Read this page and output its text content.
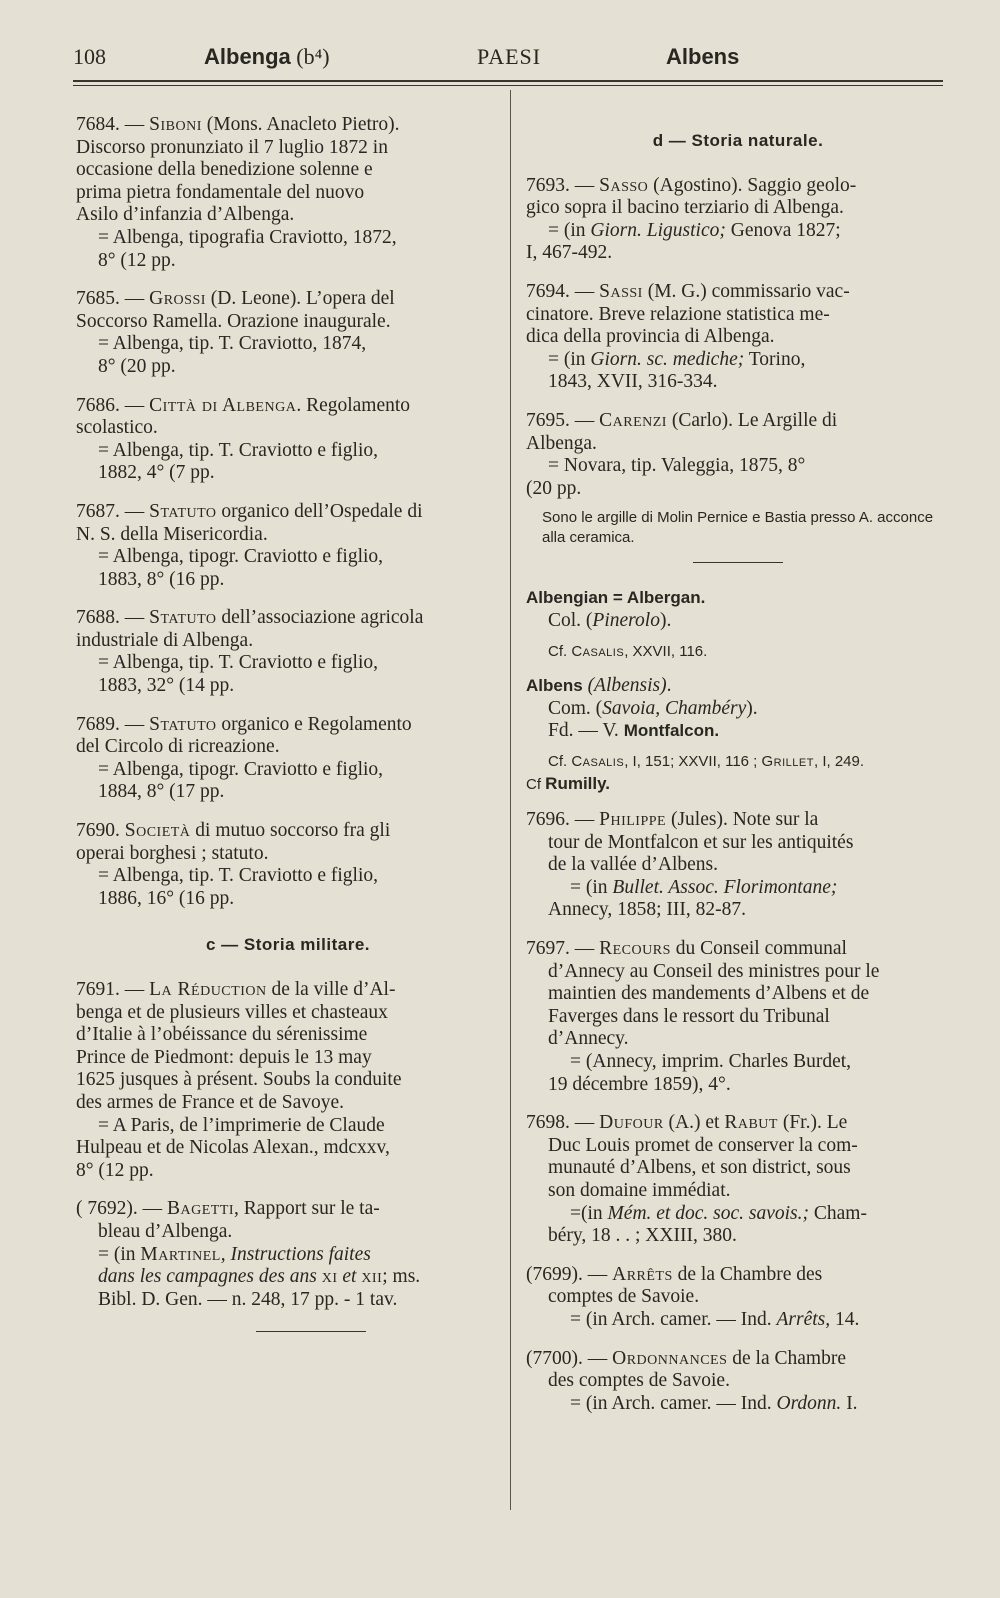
108	Albenga (b⁴)	PAESI	Albens
7684. — Siboni (Mons. Anacleto Pietro).
Discorso pronunziato il 7 luglio 1872 in
occasione della benedizione solenne e
prima pietra fondamentale del nuovo
Asilo d’infanzia d’Albenga.
= Albenga, tipografia Craviotto, 1872,
8° (12 pp.
7685. — Grossi (D. Leone). L’opera del
Soccorso Ramella. Orazione inaugurale.
= Albenga, tip. T. Craviotto, 1874,
8° (20 pp.
7686. — Città di Albenga. Regolamento
scolastico.
= Albenga, tip. T. Craviotto e figlio,
1882, 4° (7 pp.
7687. — Statuto organico dell’Ospedale di
N. S. della Misericordia.
= Albenga, tipogr. Craviotto e figlio,
1883, 8° (16 pp.
7688. — Statuto dell’associazione agricola
industriale di Albenga.
= Albenga, tip. T. Craviotto e figlio,
1883, 32° (14 pp.
7689. — Statuto organico e Regolamento
del Circolo di ricreazione.
= Albenga, tipogr. Craviotto e figlio,
1884, 8° (17 pp.
7690. Società di mutuo soccorso fra gli
operai borghesi ; statuto.
= Albenga, tip. T. Craviotto e figlio,
1886, 16° (16 pp.
c — Storia militare.
7691. — La Réduction de la ville d’Al-
benga et de plusieurs villes et chasteaux
d’Italie à l’obéissance du sérenissime
Prince de Piedmont: depuis le 13 may
1625 jusques à présent. Soubs la conduite
des armes de France et de Savoye.
= A Paris, de l’imprimerie de Claude
Hulpeau et de Nicolas Alexan., mdcxxv,
8° (12 pp.
( 7692). — Bagetti, Rapport sur le ta-
bleau d’Albenga.
= (in Martinel, Instructions faites
dans les campagnes des ans xi et xii; ms.
Bibl. D. Gen. — n. 248, 17 pp. - 1 tav.
d — Storia naturale.
7693. — Sasso (Agostino). Saggio geolo-
gico sopra il bacino terziario di Albenga.
= (in Giorn. Ligustico; Genova 1827;
I, 467-492.
7694. — Sassi (M. G.) commissario vac-
cinatore. Breve relazione statistica me-
dica della provincia di Albenga.
= (in Giorn. sc. mediche; Torino,
1843, XVII, 316-334.
7695. — Carenzi (Carlo). Le Argille di
Albenga.
= Novara, tip. Valeggia, 1875, 8°
(20 pp.
Sono le argille di Molin Pernice e Bastia presso A. acconce alla ceramica.
Albengian = Albergan.
Col. (Pinerolo).
Cf. Casalis, XXVII, 116.
Albens (Albensis).
Com. (Savoia, Chambéry).
Fd. — V. Montfalcon.
Cf. Casalis, I, 151; XXVII, 116 ; Grillet, I, 249.
Cf Rumilly.
7696. — Philippe (Jules). Note sur la
tour de Montfalcon et sur les antiquités
de la vallée d’Albens.
= (in Bullet. Assoc. Florimontane;
Annecy, 1858; III, 82-87.
7697. — Recours du Conseil communal
d’Annecy au Conseil des ministres pour le
maintien des mandements d’Albens et de
Faverges dans le ressort du Tribunal
d’Annecy.
= (Annecy, imprim. Charles Burdet,
19 décembre 1859), 4°.
7698. — Dufour (A.) et Rabut (Fr.). Le
Duc Louis promet de conserver la com-
munauté d’Albens, et son district, sous
son domaine immédiat.
=(in Mém. et doc. soc. savois.; Cham-
béry, 18 . . ; XXIII, 380.
(7699). — Arrêts de la Chambre des
comptes de Savoie.
= (in Arch. camer. — Ind. Arrêts, 14.
(7700). — Ordonnances de la Chambre
des comptes de Savoie.
= (in Arch. camer. — Ind. Ordonn. I.
